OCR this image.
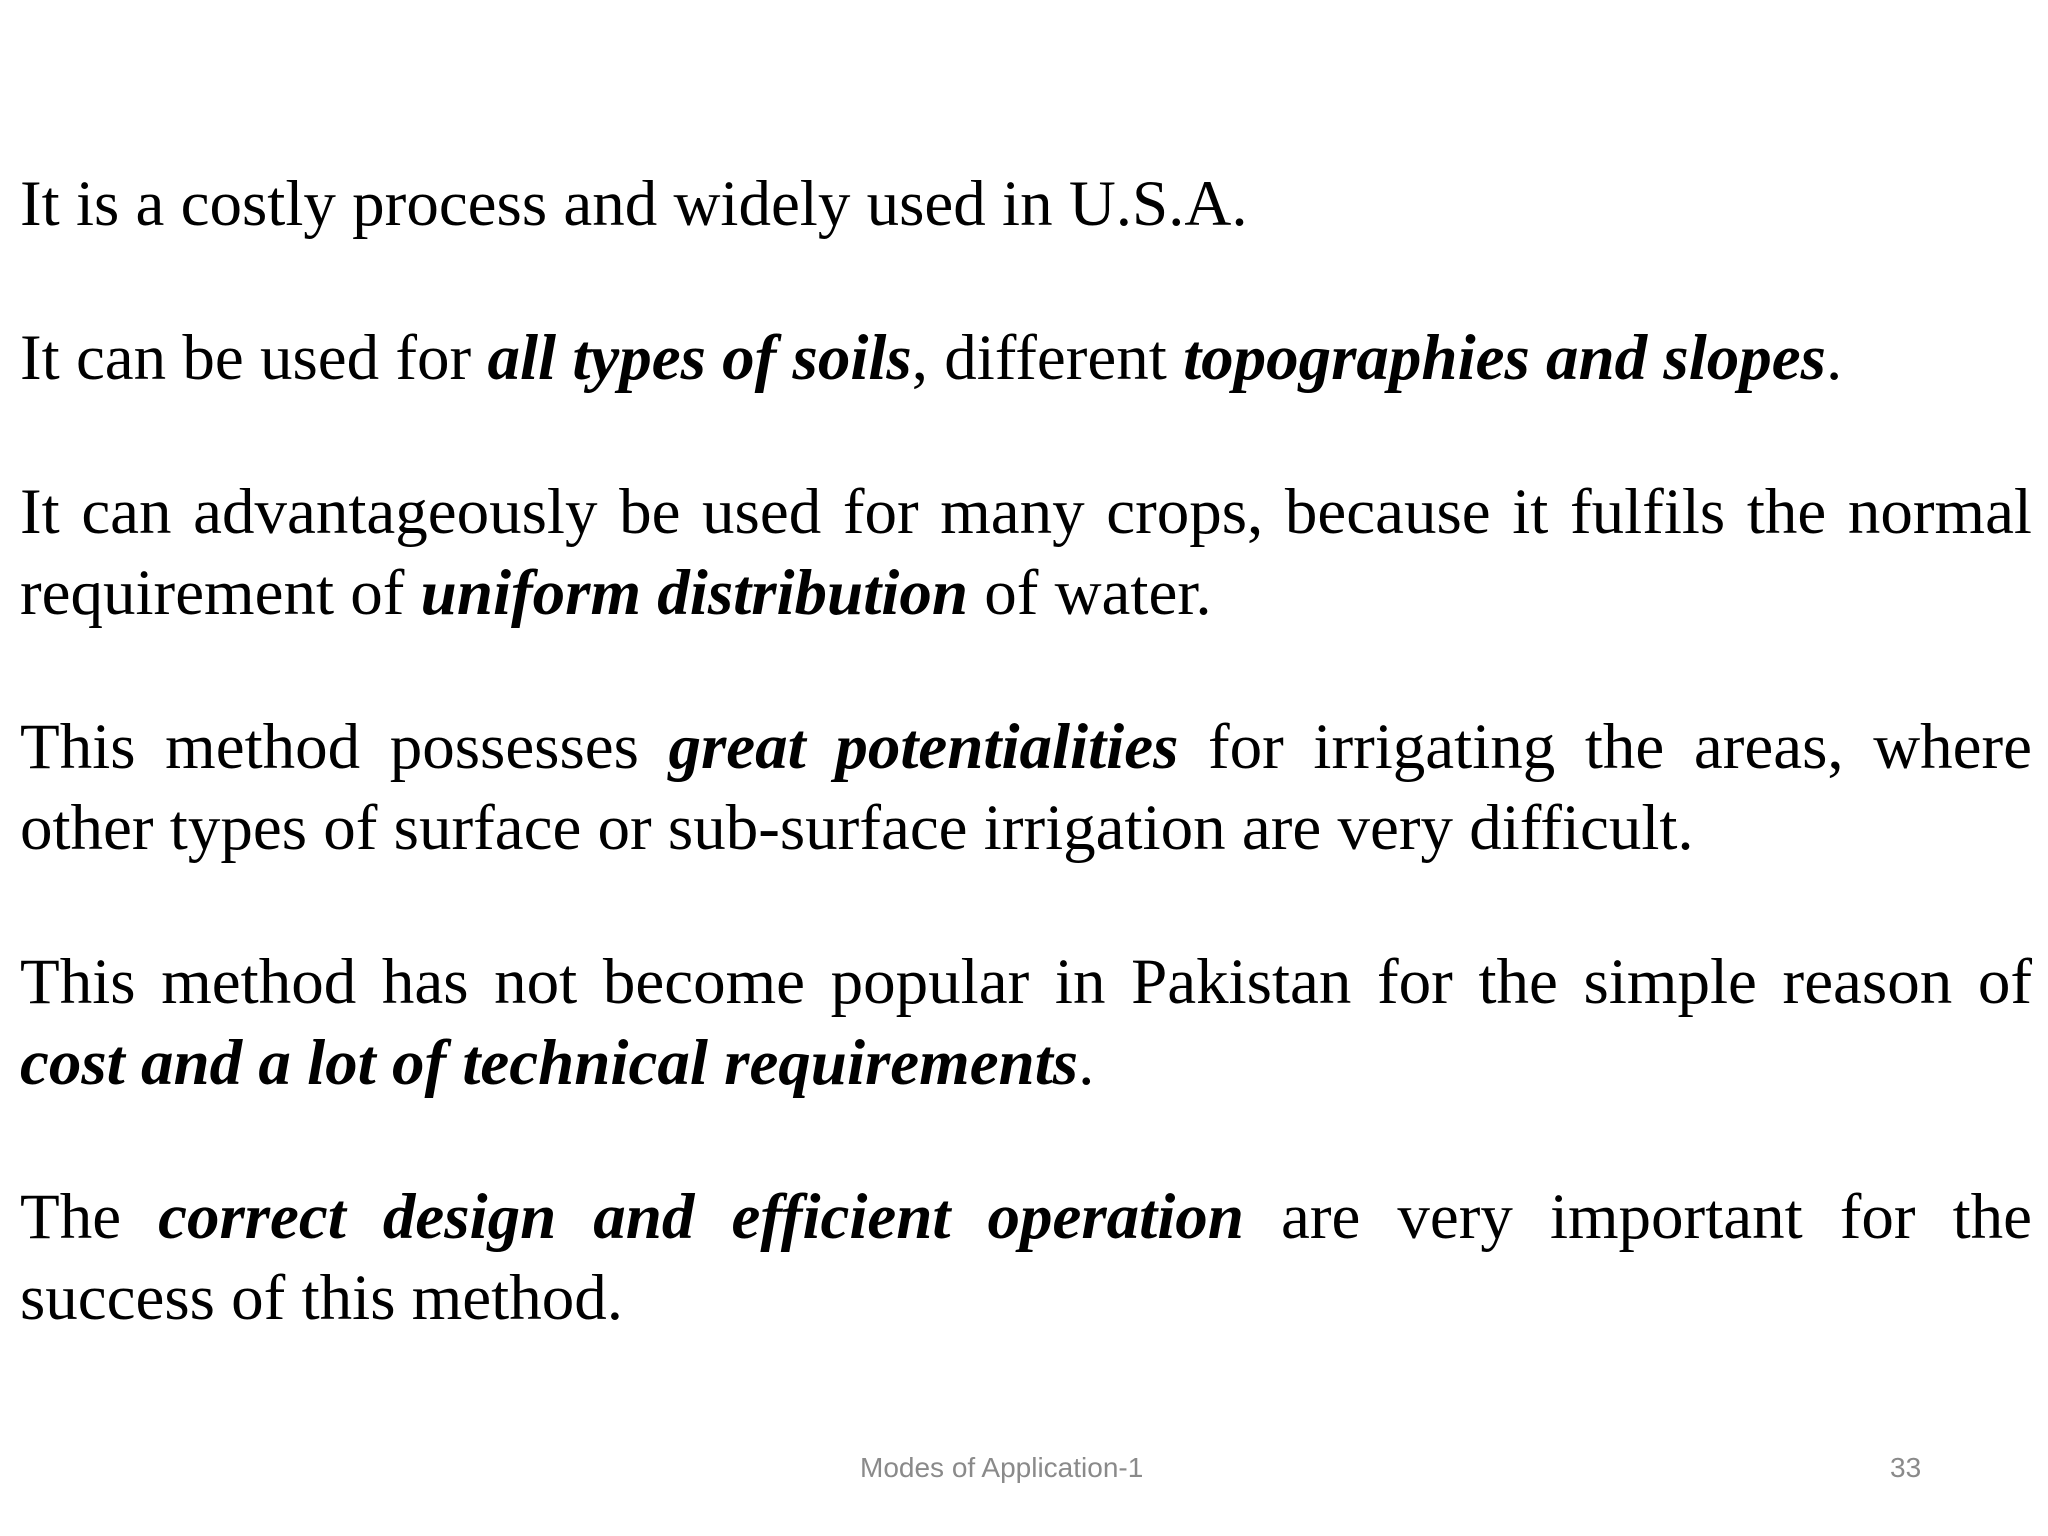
It is a costly process and widely used in U.S.A.

It can be used for all types of soils, different topographies and slopes.

It can advantageously be used for many crops, because it fulfils the normal requirement of uniform distribution of water.

This method possesses great potentialities for irrigating the areas, where other types of surface or sub-surface irrigation are very difficult.

This method has not become popular in Pakistan for the simple reason of cost and a lot of technical requirements.

The correct design and efficient operation are very important for the success of this method.

Modes of Application-1	33
